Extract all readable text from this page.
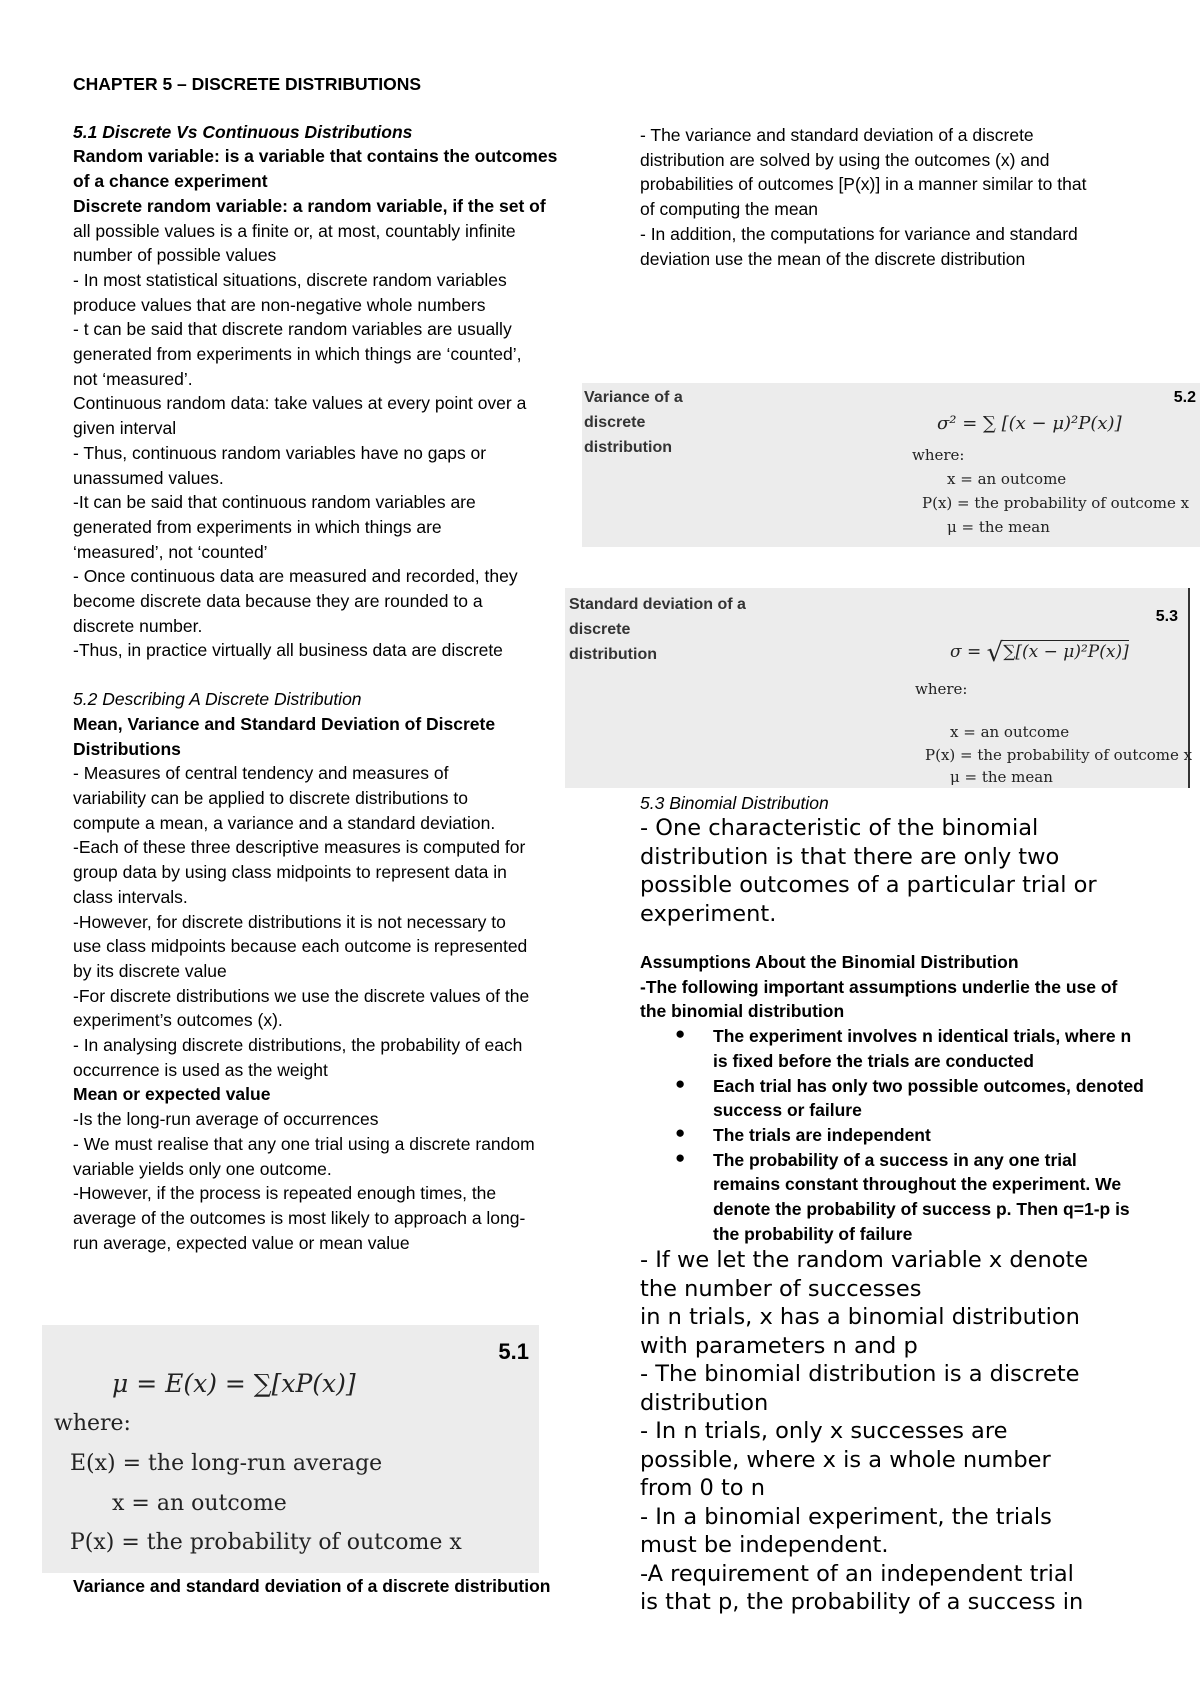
CHAPTER 5 – DISCRETE DISTRIBUTIONS
5.1 Discrete Vs Continuous Distributions
Random variable: is a variable that contains the outcomes
of a chance experiment
Discrete random variable: a random variable, if the set of
all possible values is a finite or, at most, countably infinite
number of possible values
- In most statistical situations, discrete random variables
produce values that are non-negative whole numbers
- t can be said that discrete random variables are usually
generated from experiments in which things are ‘counted’,
not ‘measured’.
Continuous random data: take values at every point over a
given interval
- Thus, continuous random variables have no gaps or
unassumed values.
-It can be said that continuous random variables are
generated from experiments in which things are
‘measured’, not ‘counted’
- Once continuous data are measured and recorded, they
become discrete data because they are rounded to a
discrete number.
-Thus, in practice virtually all business data are discrete
5.2 Describing A Discrete Distribution
Mean, Variance and Standard Deviation of Discrete
Distributions
- Measures of central tendency and measures of
variability can be applied to discrete distributions to
compute a mean, a variance and a standard deviation.
-Each of these three descriptive measures is computed for
group data by using class midpoints to represent data in
class intervals.
-However, for discrete distributions it is not necessary to
use class midpoints because each outcome is represented
by its discrete value
-For discrete distributions we use the discrete values of the
experiment’s outcomes (x).
- In analysing discrete distributions, the probability of each
occurrence is used as the weight
Mean or expected value
-Is the long-run average of occurrences
- We must realise that any one trial using a discrete random
variable yields only one outcome.
-However, if the process is repeated enough times, the
average of the outcomes is most likely to approach a long-
run average, expected value or mean value
5.1
μ = E(x) = ∑[xP(x)]
where:
E(x) = the long-run average
x = an outcome
P(x) = the probability of outcome x
Variance and standard deviation of a discrete distribution
- The variance and standard deviation of a discrete
distribution are solved by using the outcomes (x) and
probabilities of outcomes [P(x)] in a manner similar to that
of computing the mean
- In addition, the computations for variance and standard
deviation use the mean of the discrete distribution
Variance of a
discrete
distribution
5.2
σ² = ∑ [(x − μ)²P(x)]
where:
x = an outcome
P(x) = the probability of outcome x
μ = the mean
Standard deviation of a
discrete
distribution
5.3
σ = √∑[(x − μ)²P(x)]
where:
x = an outcome
P(x) = the probability of outcome x
μ = the mean
5.3 Binomial Distribution
- One characteristic of the binomial
distribution is that there are only two
possible outcomes of a particular trial or
experiment.
Assumptions About the Binomial Distribution
-The following important assumptions underlie the use of
the binomial distribution
● The experiment involves n identical trials, where n
is fixed before the trials are conducted
● Each trial has only two possible outcomes, denoted
success or failure
● The trials are independent
● The probability of a success in any one trial
remains constant throughout the experiment. We
denote the probability of success p. Then q=1-p is
the probability of failure
- If we let the random variable x denote
the number of successes
in n trials, x has a binomial distribution
with parameters n and p
- The binomial distribution is a discrete
distribution
- In n trials, only x successes are
possible, where x is a whole number
from 0 to n
- In a binomial experiment, the trials
must be independent.
-A requirement of an independent trial
is that p, the probability of a success in
